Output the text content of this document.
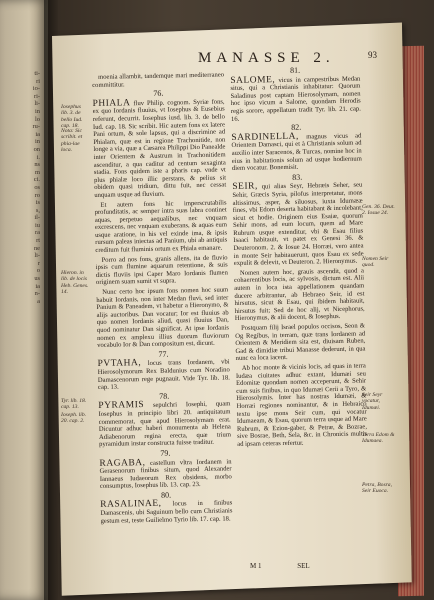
ti-
ri
io-
ri-
li-
in
lo
ru-
ia
in
on
i.
ns
m
ci.
os
ro
is
s,
il-
iu
ra
rt
ne
li-
r
o
us
ia
n-
a
MANASSE 2.	93

moenia allambit, tandemque mari mediterraneo committitur.

76.

PHIALA fluv Philip. cognom. Syriæ fons, ex quo Iordanis fluuius, vt Iosephus & Eusebius referunt, decurrit. Iosephus iusd. lib. 3. de bello Iud. cap. 18. Sic scribit. Hic autem fons ex latere Pani ortum, & sole lapsus, qui a discrimine ad Phialam, quæ est in regione Trachonitide, non longe a via, quæ a Cæsarea Philippi Dio Panealde inter Orientem & Austrum in Trachonitidem ascenditur, a qua caditur ad centum sexaginta stadia. Fons quidem iste a pharis cap. vnde vt plus phialæ loco illic perstans, & pelius sit obidem quasi tridium, dittu fuit, nec cessat unquam usque ad fluvium.

Et autem fons hic imperscrutabilis profunditatis, ac semper intra suas labra continet aquas, perpetuo aequalibus, nec vnquam excrescens, nec vnquam exuberans, & aquas eum usque aratione, in his vel exinde ima, & ipsis rursum paleas iniectas ad Panium, ubi ab antiquis creditum fuit fluminis ortum ex Phiala emanare.

Porro ad nos fons, granis allens, ita de fluvio ipsis cum flumine aquarum retentione, & suis dictis fluviis ipsi Caper Maro Iordanis flumen originem suam sumit vt supra.

Nunc certo hoc ipsum fons nomen hoc suum habuit Iordanis, non inter Medan fluvi, sed inter Panium & Paneadem, vt habetur a Hieronymo, & alijs auctoribus. Dan vocatur; Ior est fluuius ab quo nomen Iordanis aliud, quasi fluuius Dan, quod nominatur Dan significat. At ipse Iordanis nomen ex amplexu illius duorum fluviorum vocabulo Ior & Dan compositum est, dicunt.

77.

PVTAHA, locus trans Iordanem, vbi Hierosolymorum Rex Baldunius cum Noradino Damascenorum rege pugnauit. Vide Tyr. lib. 18. cap. 13.

78.

PYRAMIS sepulchri Iosephi, quam Iosephus in principio libri 20. antiquitatum commemorat, quæ apud Hierosolymam erat. Dicuntur adhuc haberi monumenta ab Helena Adiabenorum regina erecta, quæ trium pyramidum instar constructa fuisse traditur.

79.

RAGABA, castellum vltra Iordanem in Gerasenorum finibus situm, quod Alexander Iannaeus Iudaeorum Rex obsidens, morbo consumptus, Iosephus lib. 13. cap. 23.

80.

RASALINAE, locus in finibus Damascenis, ubi Saguinum bello cum Christianis gestum est, teste Guilielmo Tyrio lib. 17. cap. 18.

81.

SALOME, vicus in campestribus Medan situs, qui a Christianis inhabitatur: Quorum Saladinus post captam Hierosolymam, nomen hoc ipso vicum a Salome, quondam Herodis regis sorore, appellatum tradit Tyr. lib. 21. cap. 16.

82.

SARDINELLA, magnus vicus ad Orientem Damasci, qui et à Christianis solum ad auxilio inter Saracenos, & Turcas, nomine hoc in eius in habitationis solum ad usque hodiernum diem vocatur. Bonemisit.

83.

SEIR, qui alias Seyr, Hebræis Seher, seu Sehir, Græcis Syria, pilofus interpretatur, mons altissimus, asper, & siluosus, iuxta Idumææ fines, vbi Edom deserta habitabant & incolebant, sicut et hodie. Originem eius Esaiæ, quorum Sehir mons, ad eum locum, quem ad Mare Rubrum usque extenditur, vbi & Esau filius Isaaci habitauit, vt patet ex Genesi 36. & Deuteronom. 2. & Iosue 24. Horræi, vero antea in monte Seir habitauerunt, quos Esau ex sede expulit & delevit, vt Deuteron. 2. Hieronymus.

Nomen autem hoc, grauis ascendit, quod a cohaerentibus locis, ac sylvosis, dictum est. Alii autem in loca ista appellationem quandam ducere arbitrantur, ab Hebraeo Seir, id est hirsutus, sicut & Esau, qui ibidem habitauit, hirsutus fuit; Sed de hoc alij, vt Nicephorus, Hieronymus, & alii docent, & Iosephus.

Postquam filij Israel populos occisos, Seon & Og Regibus, in terram, quæ trans Iordanem ad Orientem & Meridiem sita est, diuisam Ruben, Gad & dimidiæ tribui Manasse dederunt, in qua nunc ea loca iacent.

Ab hoc monte & vicinis locis, ad quas in terra Iudæa ciuitates adhuc extant, Idumæi seu Edomitæ quondam nomen acceperunt, & Sehir cum suis finibus, in quo Idumæi Cerii a Tyro, & Hierosolymis. Inter has nostras Idumæi, & Horræi regiones nominantur, & in Hebraico textu ipse mons Seir cum, qui vocatur Idumaeam, & Esau, quorum terra usque ad Mare Rubrum, & Ezion-gaber, & Petræ, & Bozrae, sive Bosrae, Beth, Sela, &c. in Chronicis multis ad ipsam ceteras refertur.

Iosephus lib. 3. de bello Iud. cap. 18.
Nota: Sic scribit. et phia-lae loca.
Hieron. in lib. de locis Heb. Genes. 14.
Tyr. lib. 18. cap. 13.
Ioseph. lib. 20. cap. 2.
Gen. 36. Deut. 2. Iosue 24.
Nomen Seir quod.
Seir Seyr vocatur, Idumæi.
Terra Edom & Idumaea.
Petra, Bosra, Seir Euoca.
M 1	SEL
